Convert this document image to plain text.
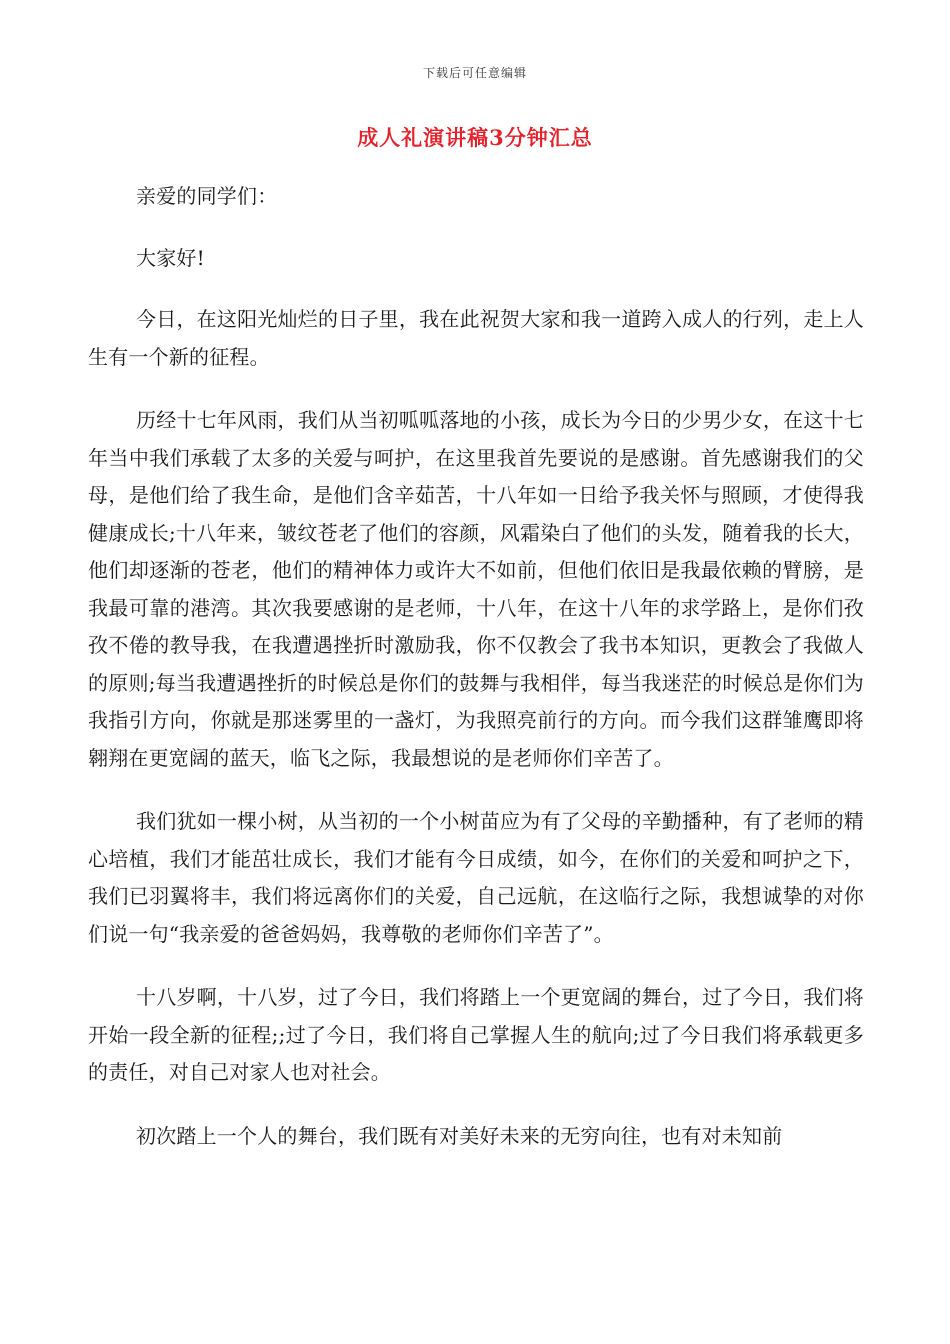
下载后可任意编辑
成人礼演讲稿3分钟汇总

亲爱的同学们：

大家好!

今日，在这阳光灿烂的日子里，我在此祝贺大家和我一道跨入成人的行列，走上人生有一个新的征程。

历经十七年风雨，我们从当初呱呱落地的小孩，成长为今日的少男少女，在这十七年当中我们承载了太多的关爱与呵护，在这里我首先要说的是感谢。首先感谢我们的父母，是他们给了我生命，是他们含辛茹苦，十八年如一日给予我关怀与照顾，才使得我健康成长;十八年来，皱纹苍老了他们的容颜，风霜染白了他们的头发，随着我的长大，他们却逐渐的苍老，他们的精神体力或许大不如前，但他们依旧是我最依赖的臂膀，是我最可靠的港湾。其次我要感谢的是老师，十八年，在这十八年的求学路上，是你们孜孜不倦的教导我，在我遭遇挫折时激励我，你不仅教会了我书本知识，更教会了我做人的原则;每当我遭遇挫折的时候总是你们的鼓舞与我相伴，每当我迷茫的时候总是你们为我指引方向，你就是那迷雾里的一盏灯，为我照亮前行的方向。而今我们这群雏鹰即将翱翔在更宽阔的蓝天，临飞之际，我最想说的是老师你们辛苦了。

我们犹如一棵小树，从当初的一个小树苗应为有了父母的辛勤播种，有了老师的精心培植，我们才能茁壮成长，我们才能有今日成绩，如今，在你们的关爱和呵护之下，我们已羽翼将丰，我们将远离你们的关爱，自己远航，在这临行之际，我想诚挚的对你们说一句“我亲爱的爸爸妈妈，我尊敬的老师你们辛苦了”。

十八岁啊，十八岁，过了今日，我们将踏上一个更宽阔的舞台，过了今日，我们将开始一段全新的征程;;过了今日，我们将自己掌握人生的航向;过了今日我们将承载更多的责任，对自己对家人也对社会。

初次踏上一个人的舞台，我们既有对美好未来的无穷向往，也有对未知前
